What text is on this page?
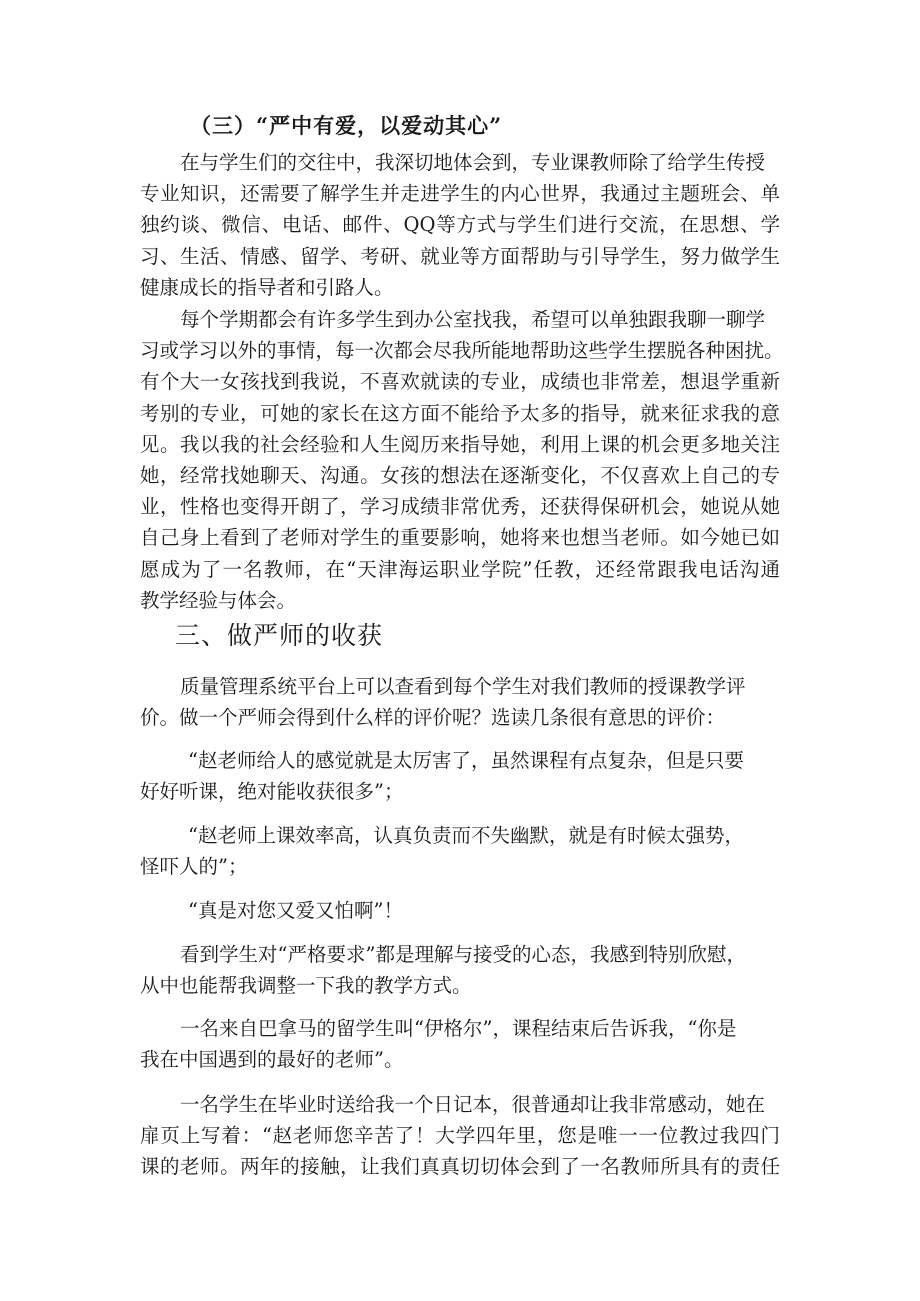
（三）“严中有爱，以爱动其心”
在与学生们的交往中，我深切地体会到，专业课教师除了给学生传授
专业知识，还需要了解学生并走进学生的内心世界，我通过主题班会、单
独约谈、微信、电话、邮件、QQ等方式与学生们进行交流，在思想、学
习、生活、情感、留学、考研、就业等方面帮助与引导学生，努力做学生
健康成长的指导者和引路人。
每个学期都会有许多学生到办公室找我，希望可以单独跟我聊一聊学
习或学习以外的事情，每一次都会尽我所能地帮助这些学生摆脱各种困扰。
有个大一女孩找到我说，不喜欢就读的专业，成绩也非常差，想退学重新
考别的专业，可她的家长在这方面不能给予太多的指导，就来征求我的意
见。我以我的社会经验和人生阅历来指导她，利用上课的机会更多地关注
她，经常找她聊天、沟通。女孩的想法在逐渐变化，不仅喜欢上自己的专
业，性格也变得开朗了，学习成绩非常优秀，还获得保研机会，她说从她
自己身上看到了老师对学生的重要影响，她将来也想当老师。如今她已如
愿成为了一名教师，在“天津海运职业学院”任教，还经常跟我电话沟通
教学经验与体会。
三、做严师的收获
质量管理系统平台上可以查看到每个学生对我们教师的授课教学评
价。做一个严师会得到什么样的评价呢？选读几条很有意思的评价：
“赵老师给人的感觉就是太厉害了，虽然课程有点复杂，但是只要
好好听课，绝对能收获很多”；
“赵老师上课效率高，认真负责而不失幽默，就是有时候太强势，
怪吓人的”；
“真是对您又爱又怕啊”！
看到学生对“严格要求”都是理解与接受的心态，我感到特别欣慰，
从中也能帮我调整一下我的教学方式。
一名来自巴拿马的留学生叫“伊格尔”，课程结束后告诉我，“你是
我在中国遇到的最好的老师”。
一名学生在毕业时送给我一个日记本，很普通却让我非常感动，她在
扉页上写着：“赵老师您辛苦了！大学四年里，您是唯一一位教过我四门
课的老师。两年的接触，让我们真真切切体会到了一名教师所具有的责任
